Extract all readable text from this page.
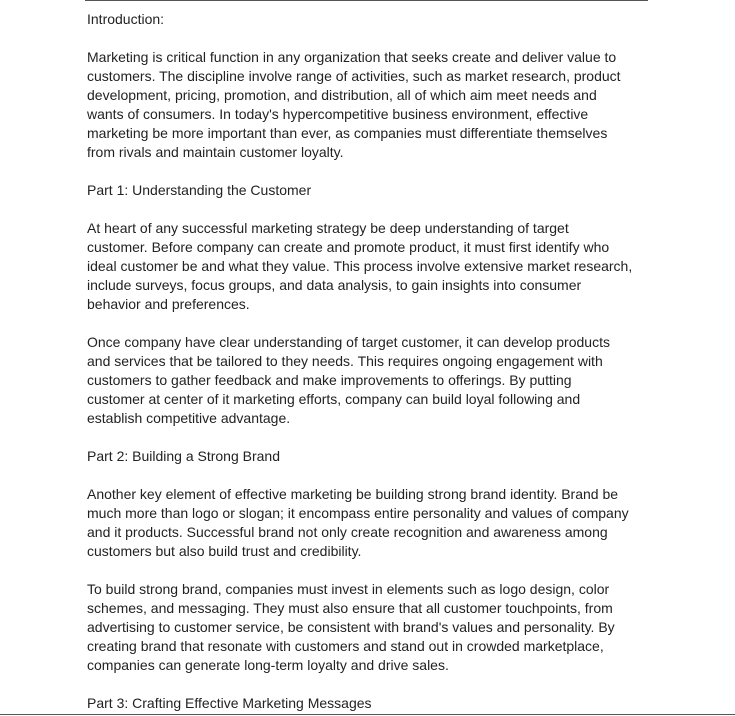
Introduction:
Marketing is critical function in any organization that seeks create and deliver value to
customers. The discipline involve range of activities, such as market research, product
development, pricing, promotion, and distribution, all of which aim meet needs and
wants of consumers. In today's hypercompetitive business environment, effective
marketing be more important than ever, as companies must differentiate themselves
from rivals and maintain customer loyalty.
Part 1: Understanding the Customer
At heart of any successful marketing strategy be deep understanding of target
customer. Before company can create and promote product, it must first identify who
ideal customer be and what they value. This process involve extensive market research,
include surveys, focus groups, and data analysis, to gain insights into consumer
behavior and preferences.
Once company have clear understanding of target customer, it can develop products
and services that be tailored to they needs. This requires ongoing engagement with
customers to gather feedback and make improvements to offerings. By putting
customer at center of it marketing efforts, company can build loyal following and
establish competitive advantage.
Part 2: Building a Strong Brand
Another key element of effective marketing be building strong brand identity. Brand be
much more than logo or slogan; it encompass entire personality and values of company
and it products. Successful brand not only create recognition and awareness among
customers but also build trust and credibility.
To build strong brand, companies must invest in elements such as logo design, color
schemes, and messaging. They must also ensure that all customer touchpoints, from
advertising to customer service, be consistent with brand's values and personality. By
creating brand that resonate with customers and stand out in crowded marketplace,
companies can generate long-term loyalty and drive sales.
Part 3: Crafting Effective Marketing Messages
